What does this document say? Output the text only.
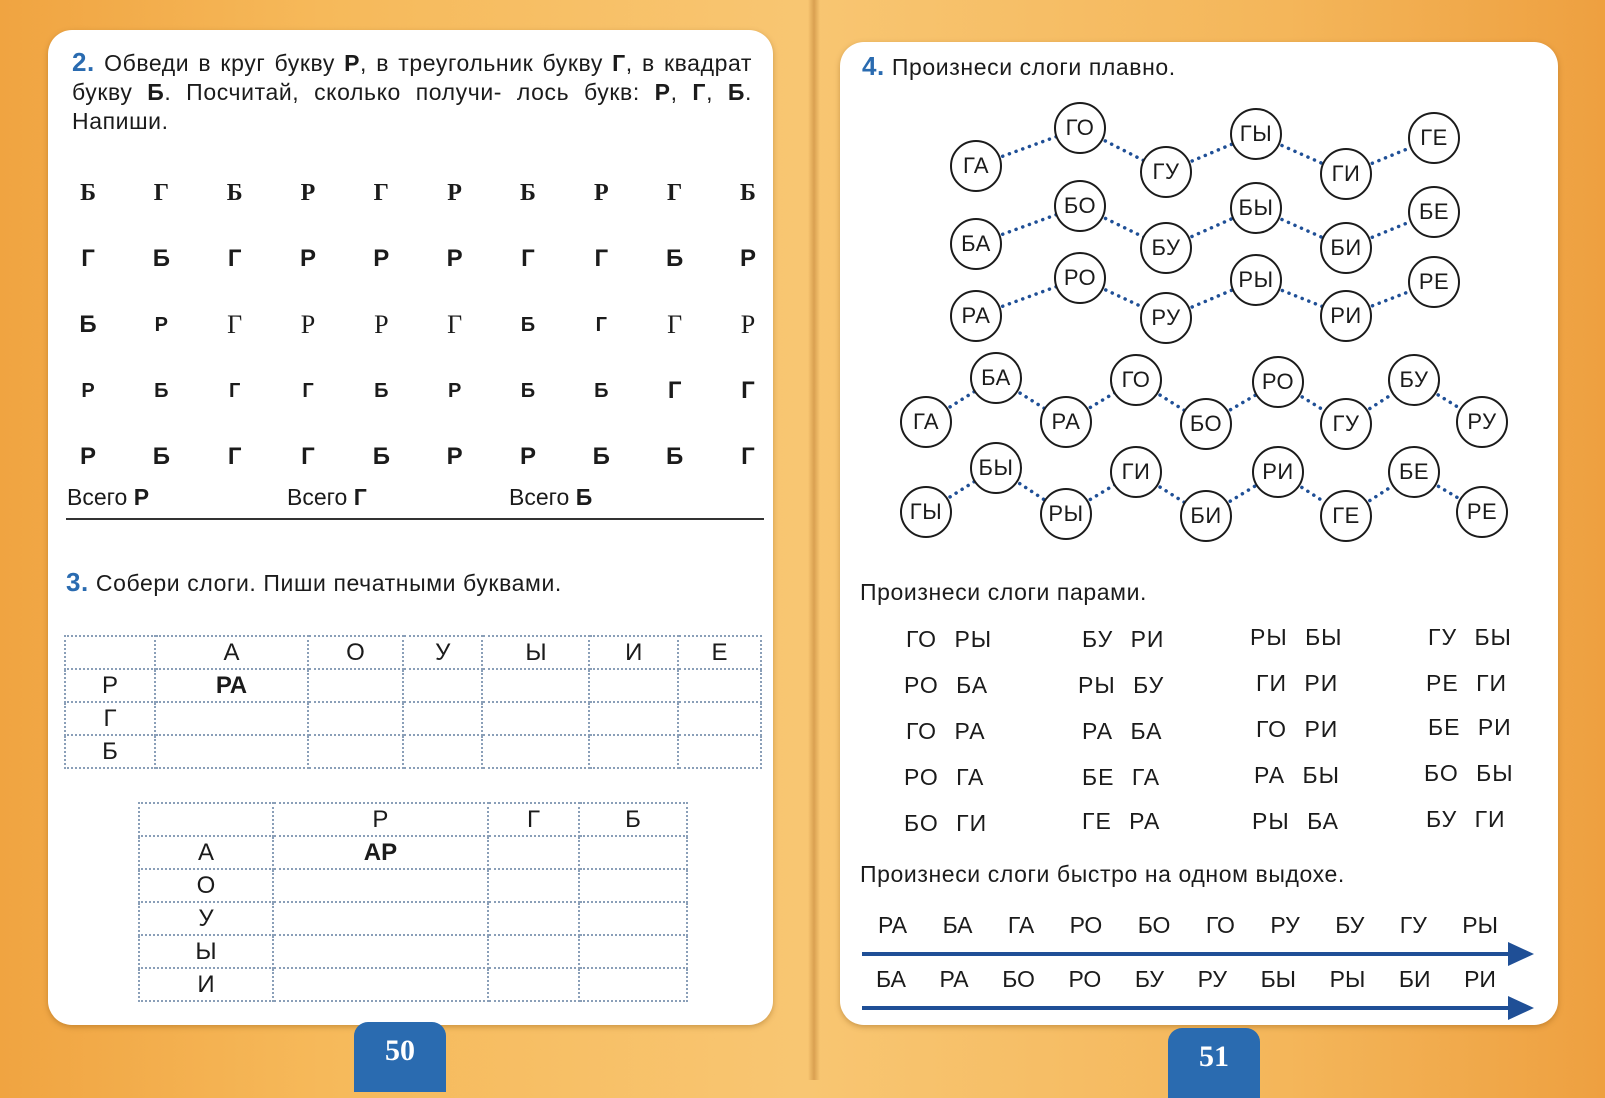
2. Обведи в круг букву Р, в треугольник букву Г, в квадрат букву Б. Посчитай, сколько получи- лось букв: Р, Г, Б. Напиши.
Б	Г	Б	Р	Г	Р	Б	Р	Г	Б
Г	Б	Г	Р	Р	Р	Г	Г	Б	Р
Б	Р	Г	Р	Р	Г	Б	Г	Г	Р
Р	Б	Г	Г	Б	Р	Б	Б	Г	Г
Р	Б	Г	Г	Б	Р	Р	Б	Б	Г
Всего Р	Всего Г	Всего Б
3. Собери слоги. Пиши печатными буквами.
	А	О	У	Ы	И	Е
Р	РА					
Г						
Б						
	Р	Г	Б
А	АР		
О			
У			
Ы			
И			
50
4. Произнеси слоги плавно.
ГА
ГО
ГУ
ГЫ
ГИ
ГЕ
БА
БО
БУ
БЫ
БИ
БЕ
РА
РО
РУ
РЫ
РИ
РЕ
ГА
БА
РА
ГО
БО
РО
ГУ
БУ
РУ
ГЫ
БЫ
РЫ
ГИ
БИ
РИ
ГЕ
БЕ
РЕ
Произнеси слоги парами.
ГО РЫ	БУ РИ	РЫ БЫ	ГУ БЫ
РО БА	РЫ БУ	ГИ РИ	РЕ ГИ
ГО РА	РА БА	ГО РИ	БЕ РИ
РО ГА	БЕ ГА	РА БЫ	БО БЫ
БО ГИ	ГЕ РА	РЫ БА	БУ ГИ
Произнеси слоги быстро на одном выдохе.
РА БА ГА РО БО ГО РУ БУ ГУ РЫ
БА РА БО РО БУ РУ БЫ РЫ БИ РИ
51
